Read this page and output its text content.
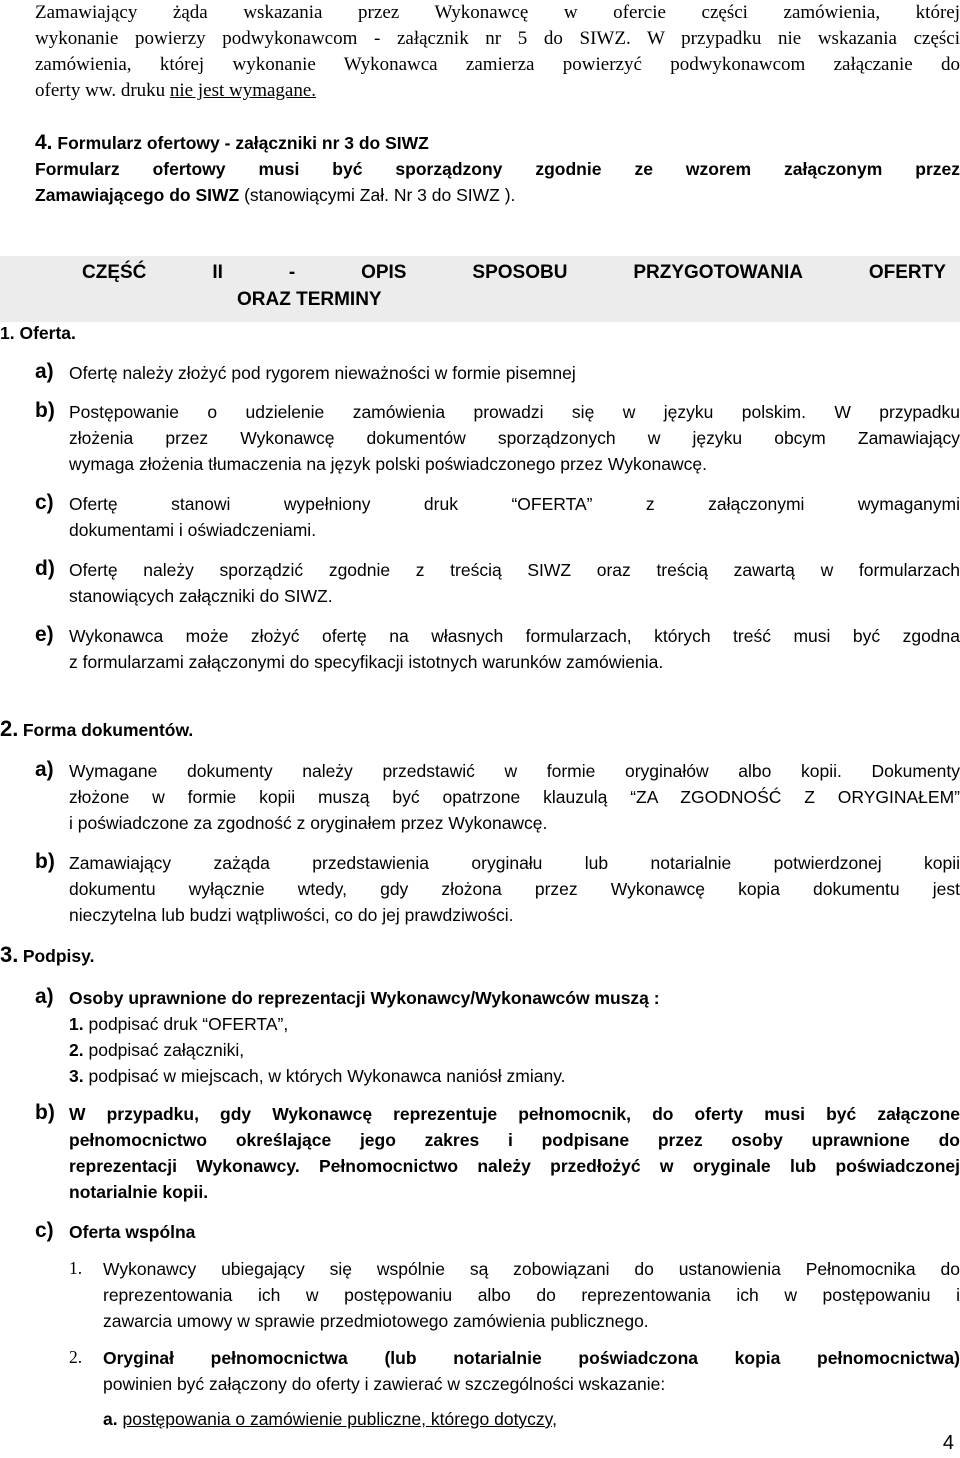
Zamawiający żąda wskazania przez Wykonawcę w ofercie części zamówienia, której

wykonanie powierzy podwykonawcom - załącznik nr 5 do SIWZ. W przypadku nie wskazania części

zamówienia, której wykonanie Wykonawca zamierza powierzyć podwykonawcom załączanie do

oferty ww. druku nie jest wymagane.

4. Formularz ofertowy - załączniki nr 3 do SIWZ

Formularz ofertowy musi być sporządzony zgodnie ze wzorem załączonym przez

Zamawiającego do SIWZ (stanowiącymi Zał. Nr 3 do SIWZ ).

CZĘŚĆ	II	-	OPIS	SPOSOBU	PRZYGOTOWANIA	OFERTY
ORAZ TERMINY
1. Oferta.
a) Ofertę należy złożyć pod rygorem nieważności w formie pisemnej

b) Postępowanie o udzielenie zamówienia prowadzi się w języku polskim. W przypadku

złożenia przez Wykonawcę dokumentów sporządzonych w języku obcym Zamawiający

wymaga złożenia tłumaczenia na język polski poświadczonego przez Wykonawcę.

c) Ofertę stanowi wypełniony druk “OFERTA” z załączonymi wymaganymi

dokumentami i oświadczeniami.

d) Ofertę należy sporządzić zgodnie z treścią SIWZ oraz treścią zawartą w formularzach

stanowiących załączniki do SIWZ.

e) Wykonawca może złożyć ofertę na własnych formularzach, których treść musi być zgodna

z formularzami załączonymi do specyfikacji istotnych warunków zamówienia.

2. Forma dokumentów.
a) Wymagane dokumenty należy przedstawić w formie oryginałów albo kopii. Dokumenty

złożone w formie kopii muszą być opatrzone klauzulą “ZA ZGODNOŚĆ Z ORYGINAŁEM”

i poświadczone za zgodność z oryginałem przez Wykonawcę.

b) Zamawiający zażąda przedstawienia oryginału lub notarialnie potwierdzonej kopii

dokumentu wyłącznie wtedy, gdy złożona przez Wykonawcę kopia dokumentu jest

nieczytelna lub budzi wątpliwości, co do jej prawdziwości.

3. Podpisy.
a) Osoby uprawnione do reprezentacji Wykonawcy/Wykonawców muszą :

1. podpisać druk “OFERTA”,

2. podpisać załączniki,

3. podpisać w miejscach, w których Wykonawca naniósł zmiany.

b) W przypadku, gdy Wykonawcę reprezentuje pełnomocnik, do oferty musi być załączone

pełnomocnictwo określające jego zakres i podpisane przez osoby uprawnione do

reprezentacji Wykonawcy. Pełnomocnictwo należy przedłożyć w oryginale lub poświadczonej

notarialnie kopii.

c) Oferta wspólna

1. Wykonawcy ubiegający się wspólnie są zobowiązani do ustanowienia Pełnomocnika do

reprezentowania ich w postępowaniu albo do reprezentowania ich w postępowaniu i

zawarcia umowy w sprawie przedmiotowego zamówienia publicznego.

2. Oryginał pełnomocnictwa (lub notarialnie poświadczona kopia pełnomocnictwa)

powinien być załączony do oferty i zawierać w szczególności wskazanie:

a. postępowania o zamówienie publiczne, którego dotyczy,

4
